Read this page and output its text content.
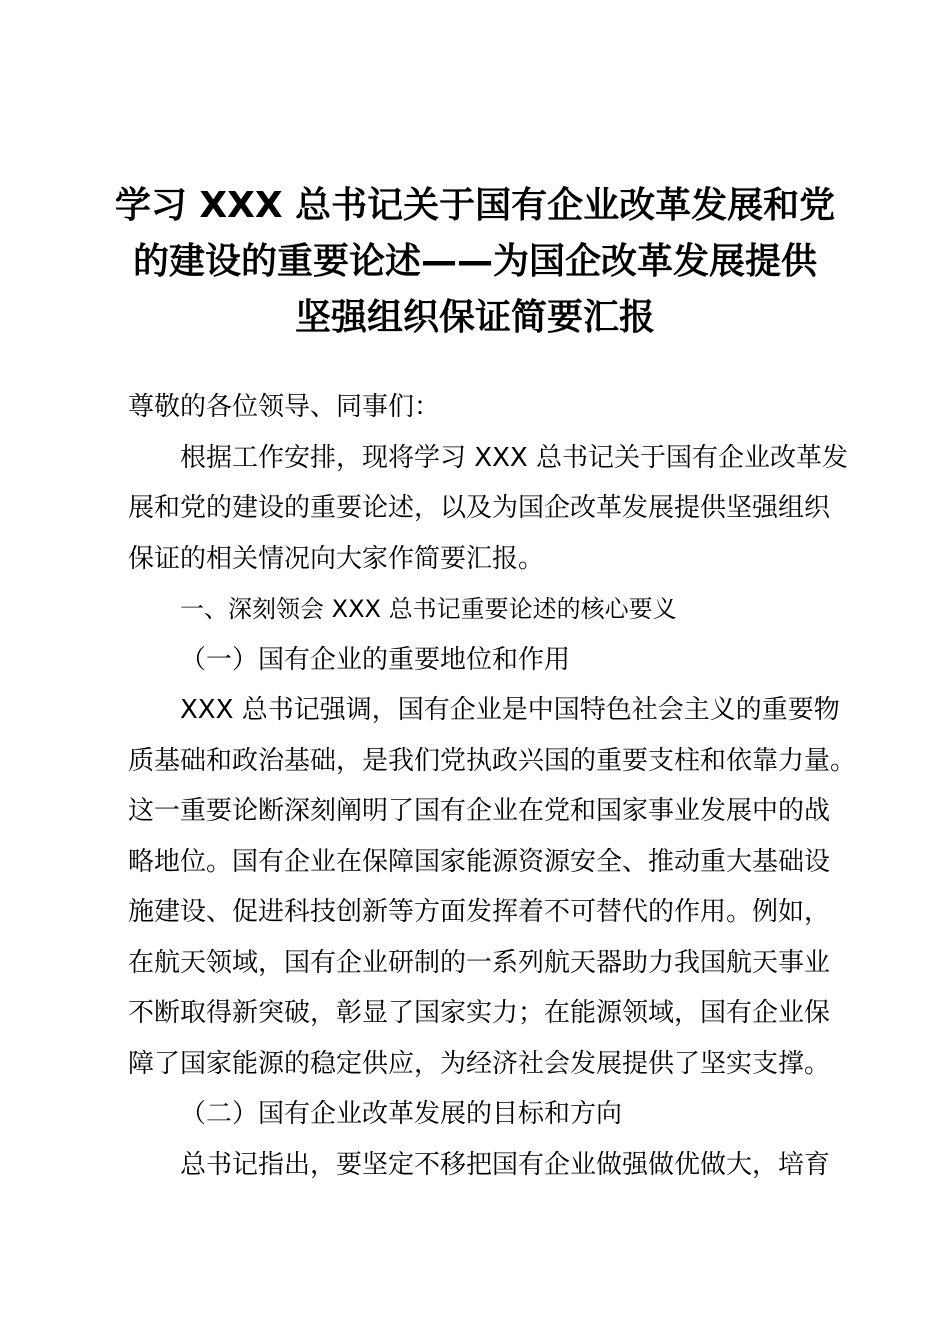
学习 XXX 总书记关于国有企业改革发展和党
的建设的重要论述——为国企改革发展提供
坚强组织保证简要汇报
尊敬的各位领导、同事们：
根据工作安排，现将学习 XXX 总书记关于国有企业改革发
展和党的建设的重要论述，以及为国企改革发展提供坚强组织
保证的相关情况向大家作简要汇报。
一、深刻领会 XXX 总书记重要论述的核心要义
（一）国有企业的重要地位和作用
XXX 总书记强调，国有企业是中国特色社会主义的重要物
质基础和政治基础，是我们党执政兴国的重要支柱和依靠力量。
这一重要论断深刻阐明了国有企业在党和国家事业发展中的战
略地位。国有企业在保障国家能源资源安全、推动重大基础设
施建设、促进科技创新等方面发挥着不可替代的作用。例如，
在航天领域，国有企业研制的一系列航天器助力我国航天事业
不断取得新突破，彰显了国家实力；在能源领域，国有企业保
障了国家能源的稳定供应，为经济社会发展提供了坚实支撑。
（二）国有企业改革发展的目标和方向
总书记指出，要坚定不移把国有企业做强做优做大，培育
